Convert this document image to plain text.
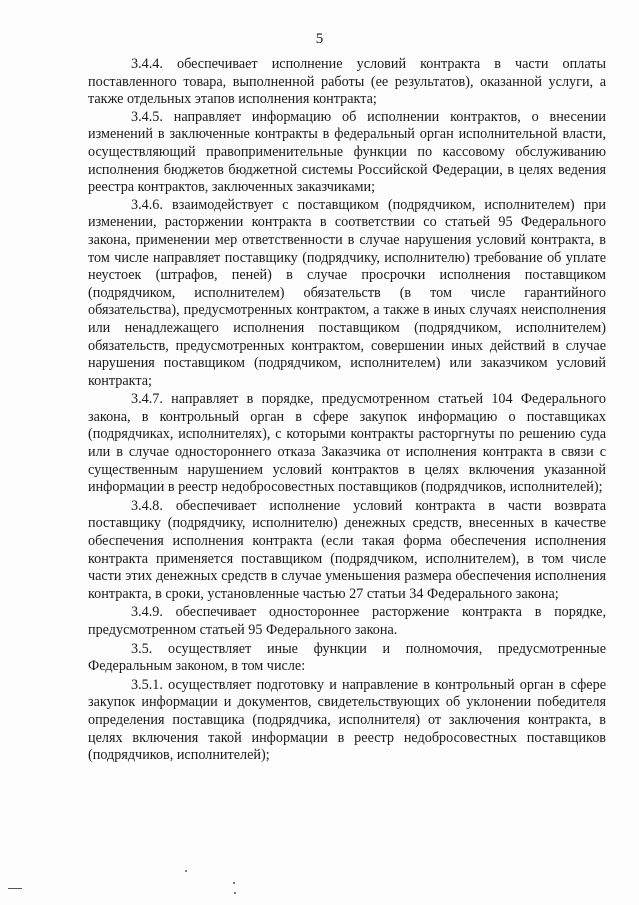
5

3.4.4. обеспечивает исполнение условий контракта в части оплаты поставленного товара, выполненной работы (ее результатов), оказанной услуги, а также отдельных этапов исполнения контракта;

3.4.5. направляет информацию об исполнении контрактов, о внесении изменений в заключенные контракты в федеральный орган исполнительной власти, осуществляющий правоприменительные функции по кассовому обслуживанию исполнения бюджетов бюджетной системы Российской Федерации, в целях ведения реестра контрактов, заключенных заказчиками;

3.4.6. взаимодействует с поставщиком (подрядчиком, исполнителем) при изменении, расторжении контракта в соответствии со статьей 95 Федерального закона, применении мер ответственности в случае нарушения условий контракта, в том числе направляет поставщику (подрядчику, исполнителю) требование об уплате неустоек (штрафов, пеней) в случае просрочки исполнения поставщиком (подрядчиком, исполнителем) обязательств (в том числе гарантийного обязательства), предусмотренных контрактом, а также в иных случаях неисполнения или ненадлежащего исполнения поставщиком (подрядчиком, исполнителем) обязательств, предусмотренных контрактом, совершении иных действий в случае нарушения поставщиком (подрядчиком, исполнителем) или заказчиком условий контракта;

3.4.7. направляет в порядке, предусмотренном статьей 104 Федерального закона, в контрольный орган в сфере закупок информацию о поставщиках (подрядчиках, исполнителях), с которыми контракты расторгнуты по решению суда или в случае одностороннего отказа Заказчика от исполнения контракта в связи с существенным нарушением условий контрактов в целях включения указанной информации в реестр недобросовестных поставщиков (подрядчиков, исполнителей);

3.4.8. обеспечивает исполнение условий контракта в части возврата поставщику (подрядчику, исполнителю) денежных средств, внесенных в качестве обеспечения исполнения контракта (если такая форма обеспечения исполнения контракта применяется поставщиком (подрядчиком, исполнителем), в том числе части этих денежных средств в случае уменьшения размера обеспечения исполнения контракта, в сроки, установленные частью 27 статьи 34 Федерального закона;

3.4.9. обеспечивает одностороннее расторжение контракта в порядке, предусмотренном статьей 95 Федерального закона.

3.5. осуществляет иные функции и полномочия, предусмотренные Федеральным законом, в том числе:

3.5.1. осуществляет подготовку и направление в контрольный орган в сфере закупок информации и документов, свидетельствующих об уклонении победителя определения поставщика (подрядчика, исполнителя) от заключения контракта, в целях включения такой информации в реестр недобросовестных поставщиков (подрядчиков, исполнителей);
